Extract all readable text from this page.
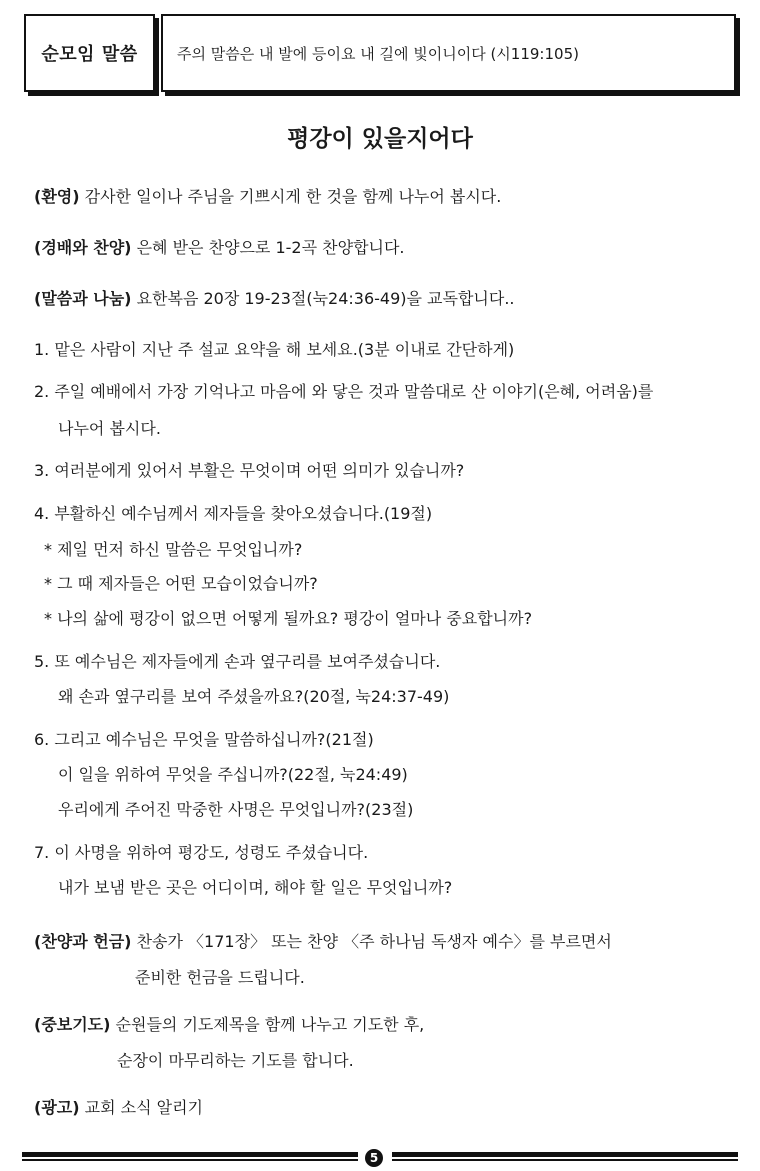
순모임 말씀	주의 말씀은 내 발에 등이요 내 길에 빛이니이다 (시119:105)
평강이 있을지어다
(환영) 감사한 일이나 주님을 기쁘시게 한 것을 함께 나누어 봅시다.
(경배와 찬양) 은혜 받은 찬양으로 1-2곡 찬양합니다.
(말씀과 나눔) 요한복음 20장 19-23절(눅24:36-49)을 교독합니다..
1. 맡은 사람이 지난 주 설교 요약을 해 보세요.(3분 이내로 간단하게)
2. 주일 예배에서 가장 기억나고 마음에 와 닿은 것과 말씀대로 산 이야기(은혜, 어려움)를
나누어 봅시다.
3. 여러분에게 있어서 부활은 무엇이며 어떤 의미가 있습니까?
4. 부활하신 예수님께서 제자들을 찾아오셨습니다.(19절)
* 제일 먼저 하신 말씀은 무엇입니까?
* 그 때 제자들은 어떤 모습이었습니까?
* 나의 삶에 평강이 없으면 어떻게 될까요? 평강이 얼마나 중요합니까?
5. 또 예수님은 제자들에게 손과 옆구리를 보여주셨습니다.
왜 손과 옆구리를 보여 주셨을까요?(20절, 눅24:37-49)
6. 그리고 예수님은 무엇을 말씀하십니까?(21절)
이 일을 위하여 무엇을 주십니까?(22절, 눅24:49)
우리에게 주어진 막중한 사명은 무엇입니까?(23절)
7. 이 사명을 위하여 평강도, 성령도 주셨습니다.
내가 보냄 받은 곳은 어디이며, 해야 할 일은 무엇입니까?
(찬양과 헌금) 찬송가 〈171장〉 또는 찬양 〈주 하나님 독생자 예수〉를 부르면서
준비한 헌금을 드립니다.
(중보기도) 순원들의 기도제목을 함께 나누고 기도한 후,
순장이 마무리하는 기도를 합니다.
(광고) 교회 소식 알리기
5
